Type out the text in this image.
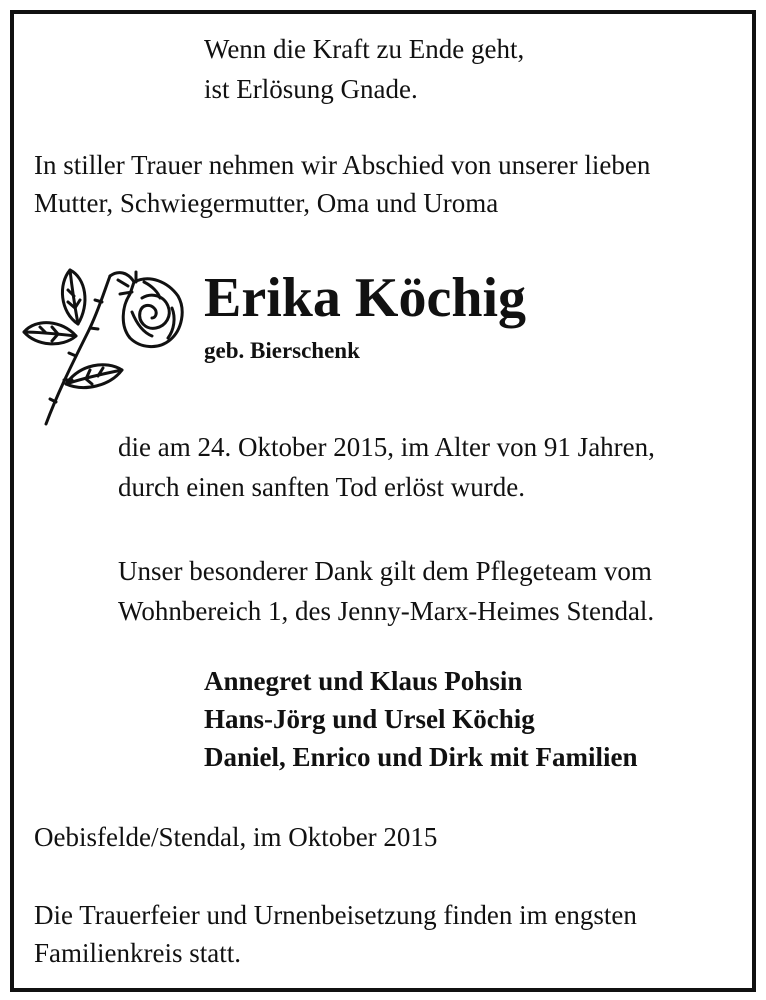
Wenn die Kraft zu Ende geht,

ist Erlösung Gnade.

In stiller Trauer nehmen wir Abschied von unserer lieben

Mutter, Schwiegermutter, Oma und Uroma

Erika Köchig

geb. Bierschenk

die am 24. Oktober 2015, im Alter von 91 Jahren,

durch einen sanften Tod erlöst wurde.

Unser besonderer Dank gilt dem Pflegeteam vom

Wohnbereich 1, des Jenny-Marx-Heimes Stendal.

Annegret und Klaus Pohsin

Hans-Jörg und Ursel Köchig

Daniel, Enrico und Dirk mit Familien

Oebisfelde/Stendal, im Oktober 2015

Die Trauerfeier und Urnenbeisetzung finden im engsten

Familienkreis statt.
